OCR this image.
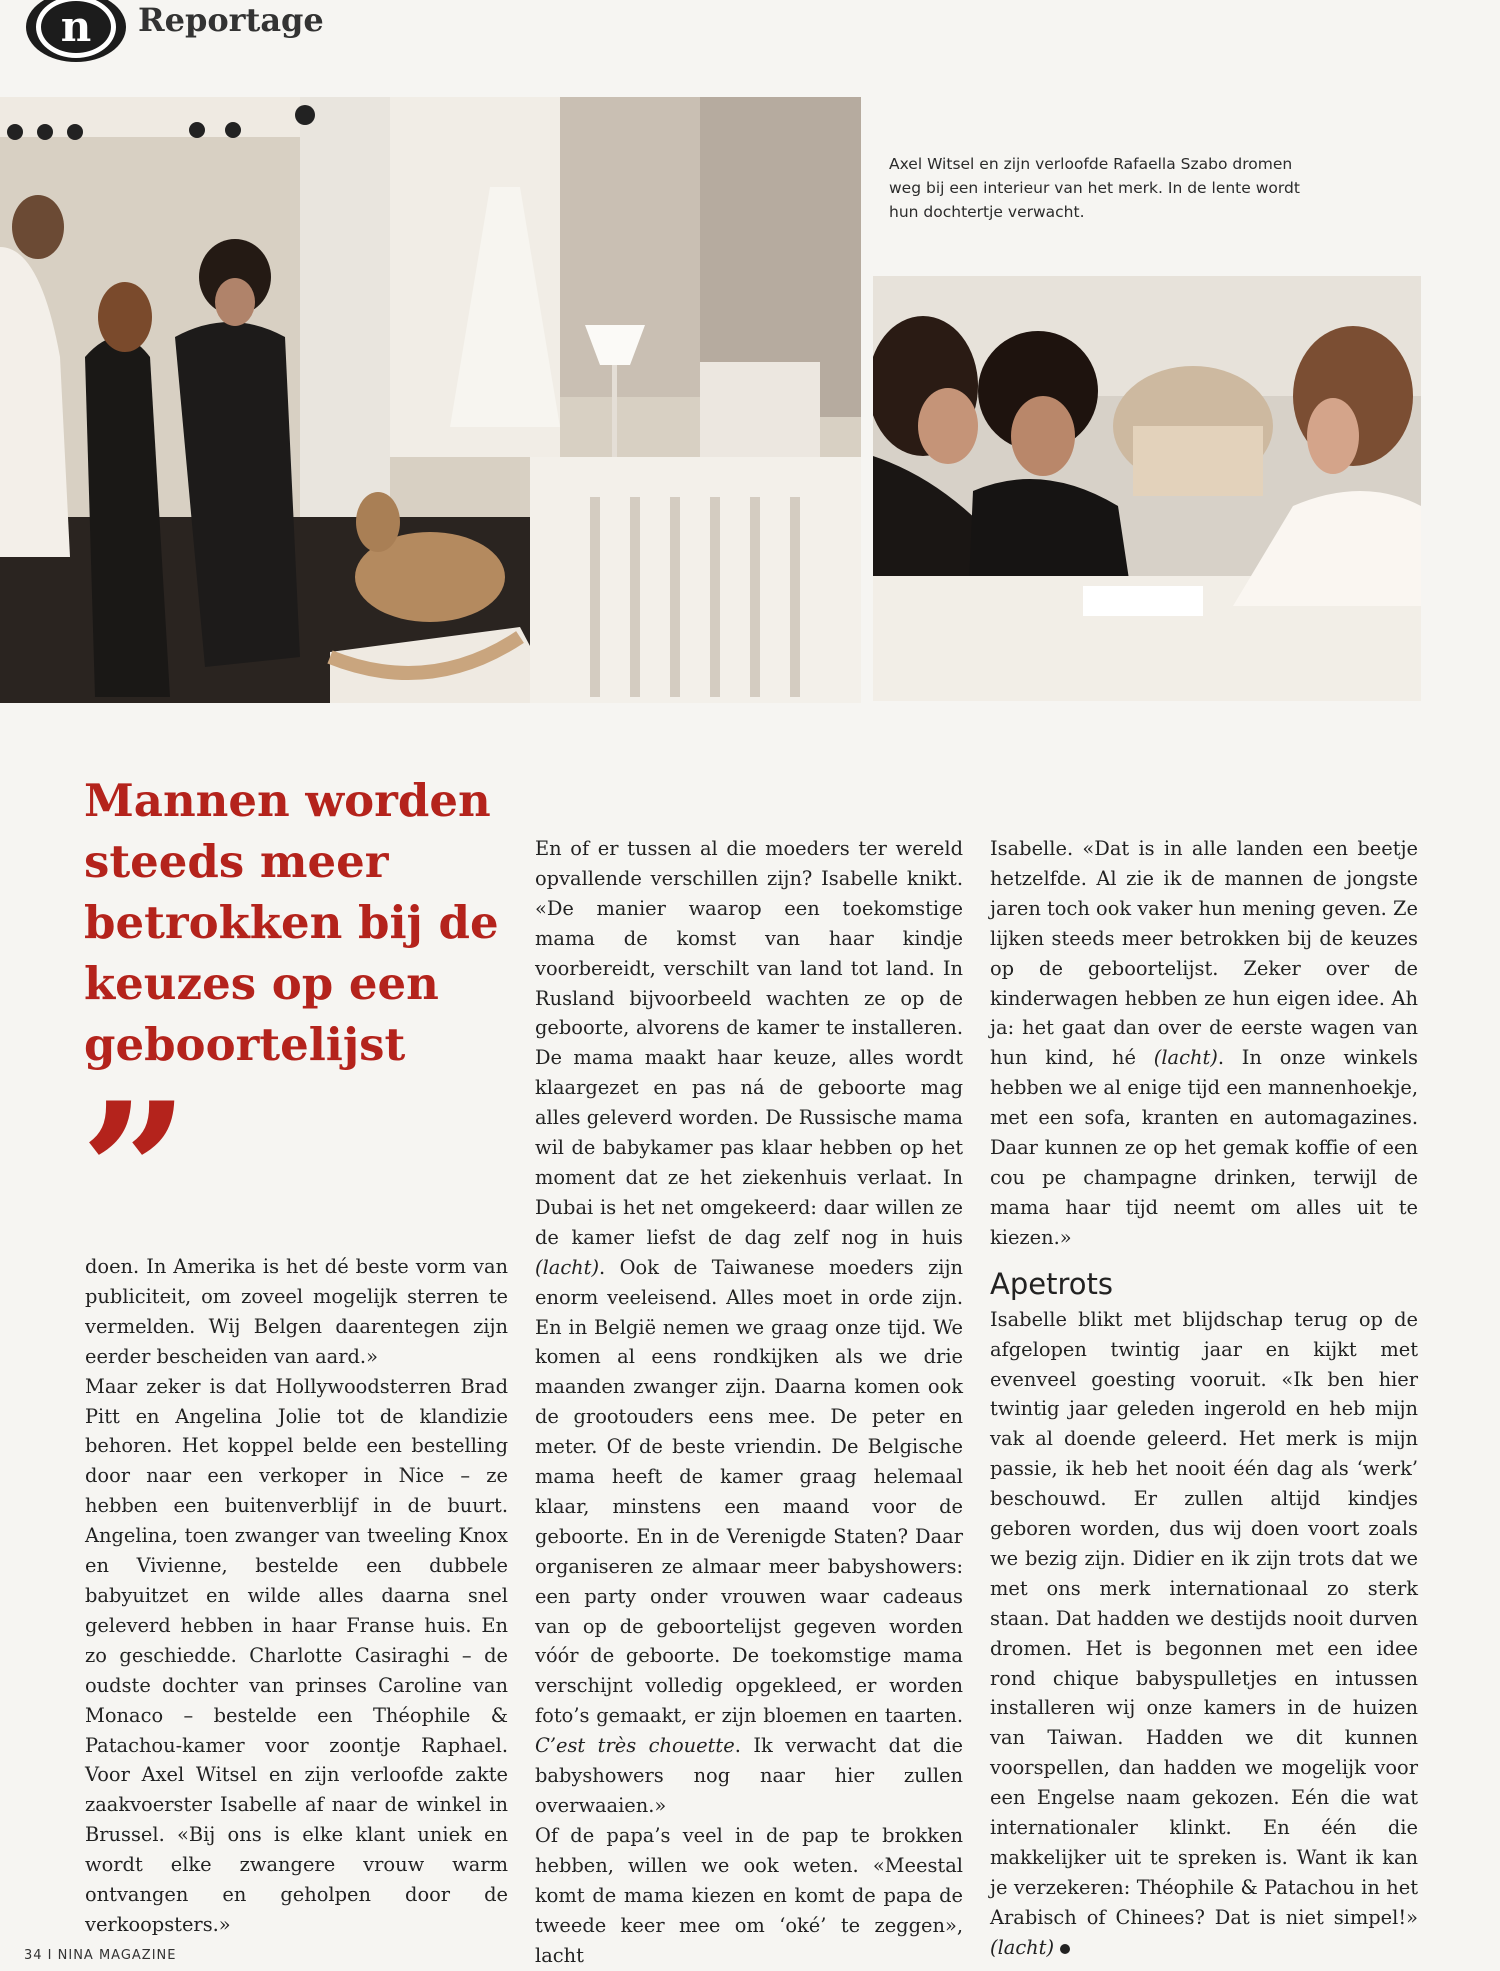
n	Reportage
Axel Witsel en zijn verloofde Rafaella Szabo dromen weg bij een interieur van het merk. In de lente wordt hun dochtertje verwacht.
Mannen worden steeds meer betrokken bij de keuzes op een geboortelijst
”

doen. In Amerika is het dé beste vorm van publiciteit, om zoveel mogelijk sterren te vermelden. Wij Belgen daarentegen zijn eerder bescheiden van aard.»

Maar zeker is dat Hollywoodsterren Brad Pitt en Angelina Jolie tot de klandizie behoren. Het koppel belde een bestelling door naar een verkoper in Nice – ze hebben een buitenverblijf in de buurt. Angelina, toen zwanger van tweeling Knox en Vivienne, bestelde een dubbele babyuitzet en wilde alles daarna snel geleverd hebben in haar Franse huis. En zo geschiedde. Charlotte Casiraghi – de oudste dochter van prinses Caroline van Monaco – bestelde een Théophile & Patachou-kamer voor zoontje Raphael. Voor Axel Witsel en zijn verloofde zakte zaakvoerster Isabelle af naar de winkel in Brussel. «Bij ons is elke klant uniek en wordt elke zwangere vrouw warm ontvangen en geholpen door de verkoopsters.»

En of er tussen al die moeders ter wereld opvallende verschillen zijn? Isabelle knikt. «De manier waarop een toekomstige mama de komst van haar kindje voorbereidt, verschilt van land tot land. In Rusland bijvoorbeeld wachten ze op de geboorte, alvorens de kamer te installeren. De mama maakt haar keuze, alles wordt klaargezet en pas ná de geboorte mag alles geleverd worden. De Russische mama wil de babykamer pas klaar hebben op het moment dat ze het ziekenhuis verlaat. In Dubai is het net omgekeerd: daar willen ze de kamer liefst de dag zelf nog in huis (lacht). Ook de Taiwanese moeders zijn enorm veeleisend. Alles moet in orde zijn. En in België nemen we graag onze tijd. We komen al eens rondkijken als we drie maanden zwanger zijn. Daarna komen ook de grootouders eens mee. De peter en meter. Of de beste vriendin. De Belgische mama heeft de kamer graag helemaal klaar, minstens een maand voor de geboorte. En in de Verenigde Staten? Daar organiseren ze almaar meer babyshowers: een party onder vrouwen waar cadeaus van op de geboortelijst gegeven worden vóór de geboorte. De toekomstige mama verschijnt volledig opgekleed, er worden foto’s gemaakt, er zijn bloemen en taarten. C’est très chouette. Ik verwacht dat die babyshowers nog naar hier zullen overwaaien.»

Of de papa’s veel in de pap te brokken hebben, willen we ook weten. «Meestal komt de mama kiezen en komt de papa de tweede keer mee om ‘oké’ te zeggen», lacht

Isabelle. «Dat is in alle landen een beetje hetzelfde. Al zie ik de mannen de jongste jaren toch ook vaker hun mening geven. Ze lijken steeds meer betrokken bij de keuzes op de geboortelijst. Zeker over de kinderwagen hebben ze hun eigen idee. Ah ja: het gaat dan over de eerste wagen van hun kind, hé (lacht). In onze winkels hebben we al enige tijd een mannenhoekje, met een sofa, kranten en automagazines. Daar kunnen ze op het gemak koffie of een cou pe champagne drinken, terwijl de mama haar tijd neemt om alles uit te kiezen.»

Apetrots

Isabelle blikt met blijdschap terug op de afgelopen twintig jaar en kijkt met evenveel goesting vooruit. «Ik ben hier twintig jaar geleden ingerold en heb mijn vak al doende geleerd. Het merk is mijn passie, ik heb het nooit één dag als ‘werk’ beschouwd. Er zullen altijd kindjes geboren worden, dus wij doen voort zoals we bezig zijn. Didier en ik zijn trots dat we met ons merk internationaal zo sterk staan. Dat hadden we destijds nooit durven dromen. Het is begonnen met een idee rond chique babyspulletjes en intussen installeren wij onze kamers in de huizen van Taiwan. Hadden we dit kunnen voorspellen, dan hadden we mogelijk voor een Engelse naam gekozen. Eén die wat internationaler klinkt. En één die makkelijker uit te spreken is. Want ik kan je verzekeren: Théophile & Patachou in het Arabisch of Chinees? Dat is niet simpel!» (lacht)

34 I NINA MAGAZINE
